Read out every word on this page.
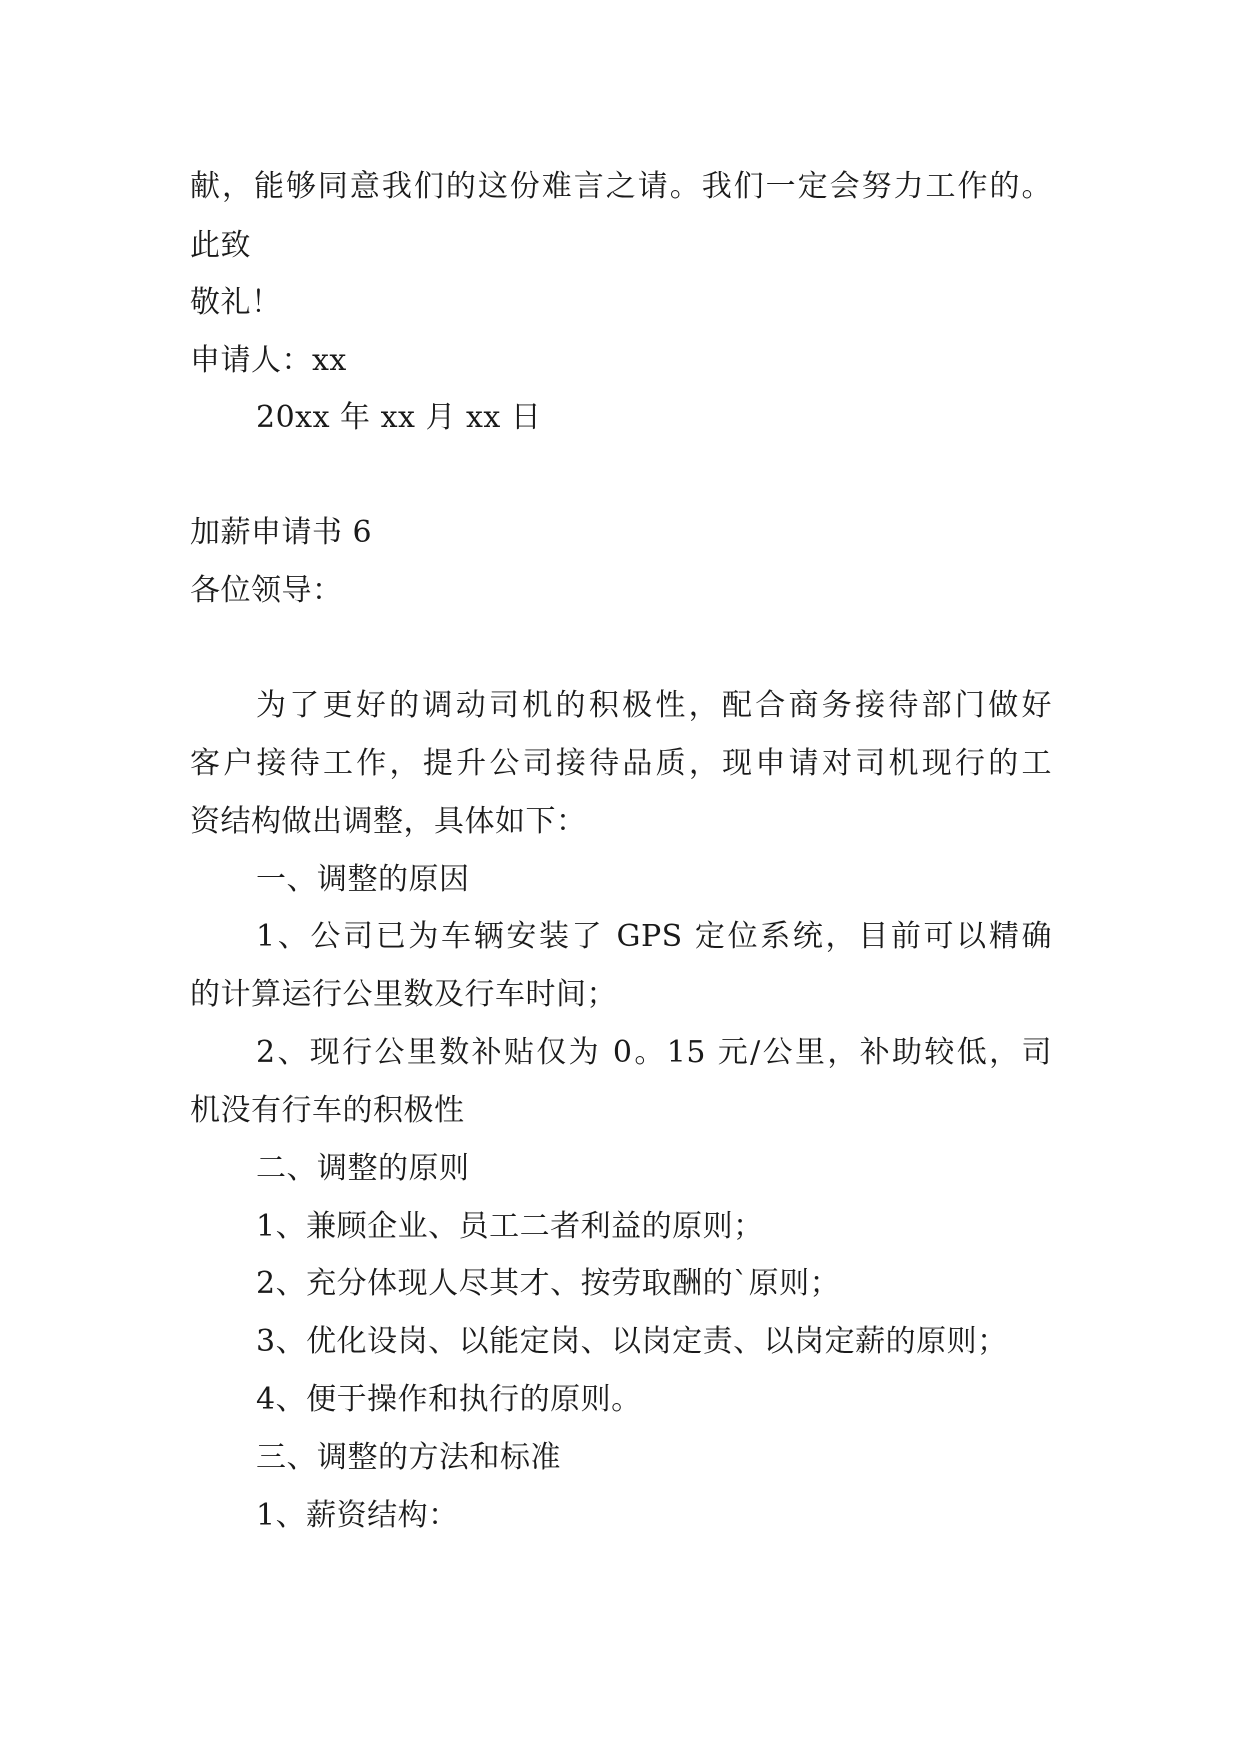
献，能够同意我们的这份难言之请。我们一定会努力工作的。

此致

敬礼！

申请人：xx

20xx 年 xx 月 xx 日

加薪申请书 6

各位领导：

为了更好的调动司机的积极性，配合商务接待部门做好

客户接待工作，提升公司接待品质，现申请对司机现行的工

资结构做出调整，具体如下：

一、调整的原因

1、公司已为车辆安装了 GPS 定位系统，目前可以精确

的计算运行公里数及行车时间；

2、现行公里数补贴仅为 0。15 元/公里，补助较低，司

机没有行车的积极性

二、调整的原则

1、兼顾企业、员工二者利益的原则；

2、充分体现人尽其才、按劳取酬的`原则；

3、优化设岗、以能定岗、以岗定责、以岗定薪的原则；

4、便于操作和执行的原则。

三、调整的方法和标准

1、薪资结构：
